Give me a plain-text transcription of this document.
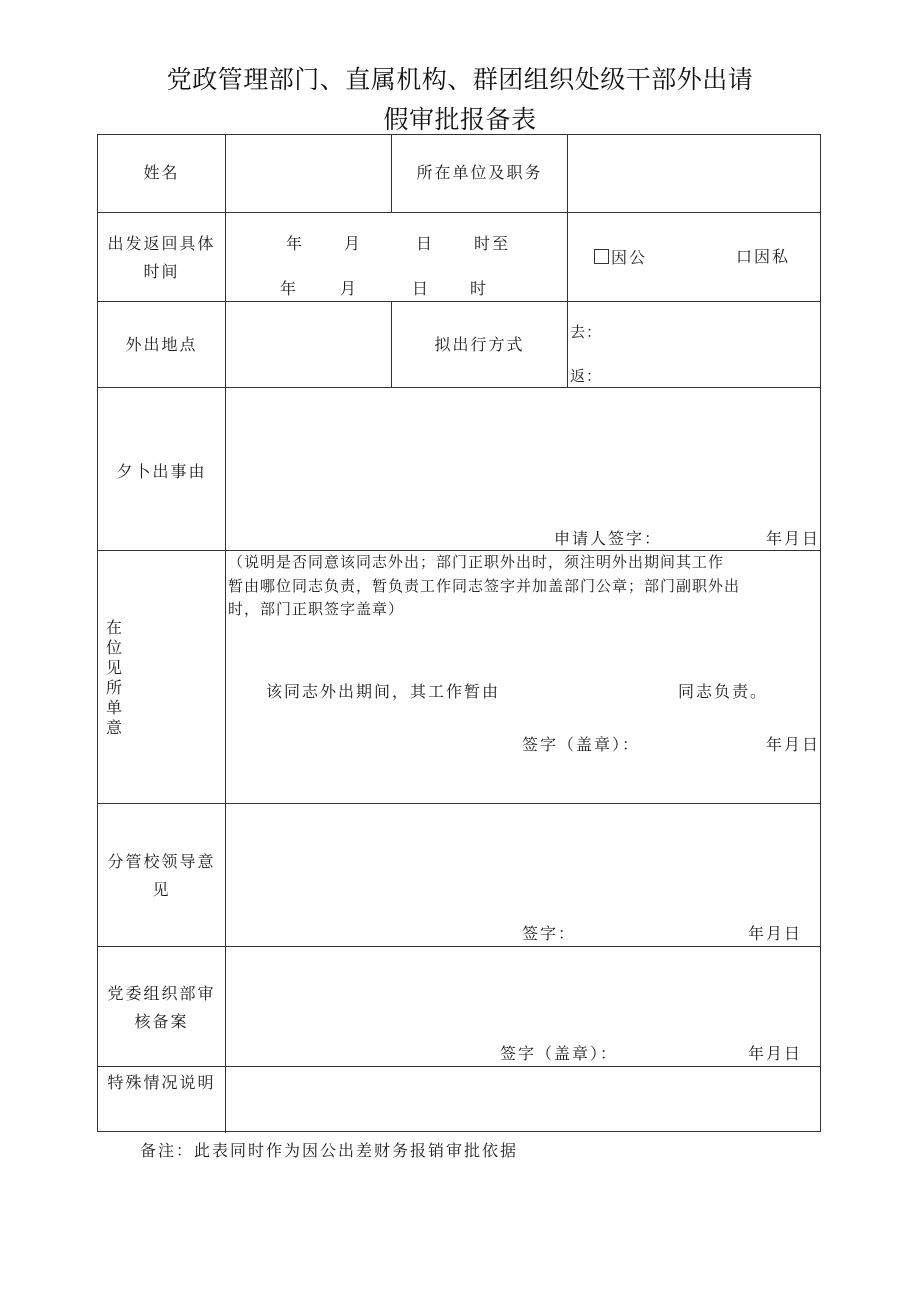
党政管理部门、直属机构、群团组织处级干部外出请
假审批报备表
姓名	所在单位及职务
出发返回具体
时间
年 月	日 时至
年	月	日 时
因公	口因私
外出地点	拟出行方式
去：
返：
夕卜出事由
申请人签字：	年月日
在
位
见
所
单
意
（说明是否同意该同志外出；部门正职外出时，须注明外出期间其工作
暂由哪位同志负责，暂负责工作同志签字并加盖部门公章；部门副职外出
时，部门正职签字盖章）
该同志外出期间，其工作暂由	同志负责。
签字（盖章）：	年月日
分管校领导意
见
签字：	年月日
党委组织部审
核备案
签字（盖章）：	年月日
特殊情况说明
备注：此表同时作为因公出差财务报销审批依据
